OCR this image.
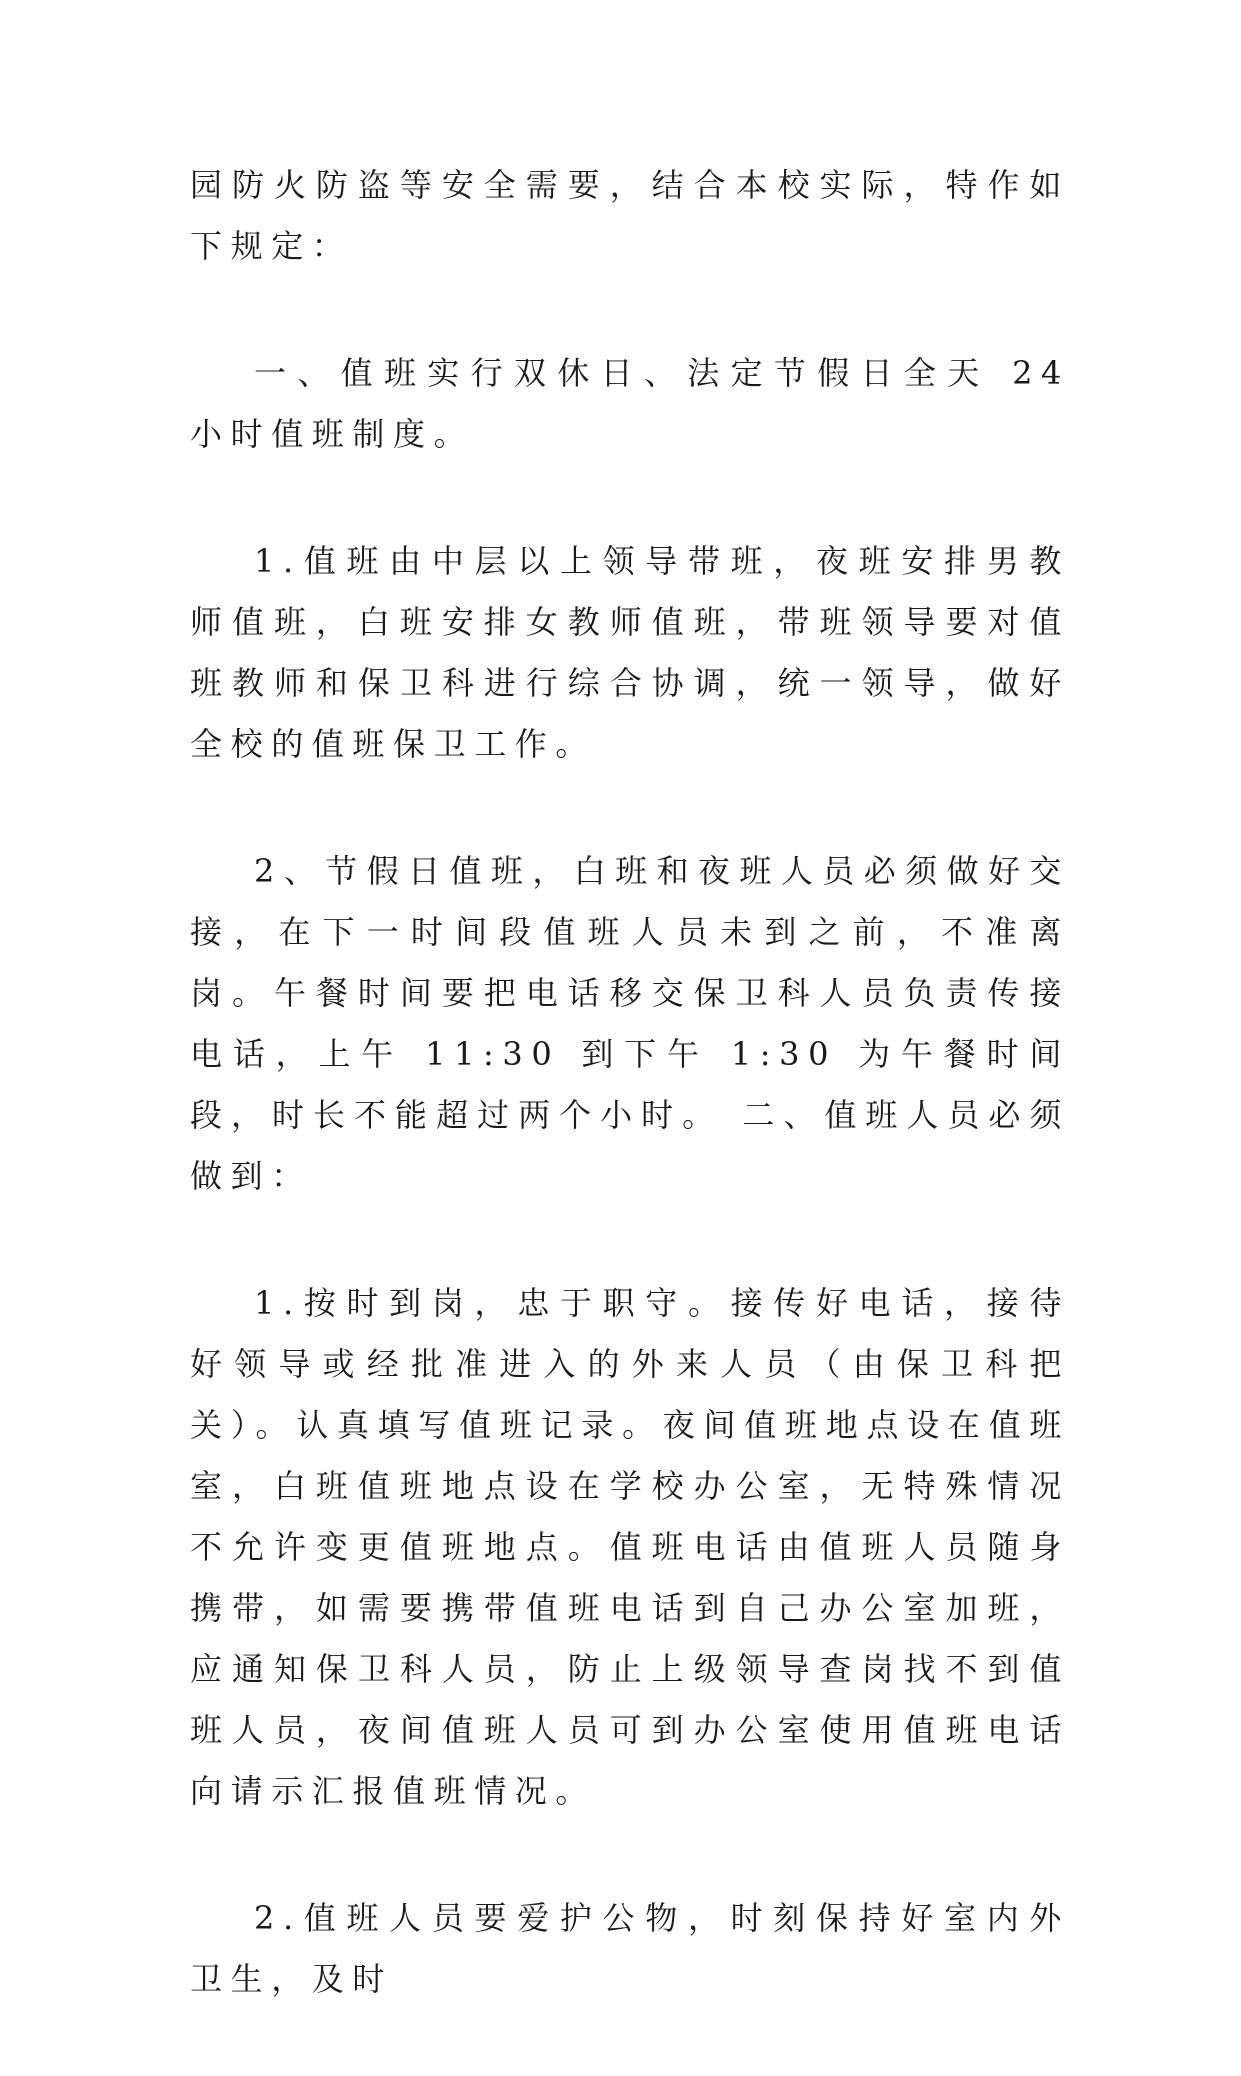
园防火防盗等安全需要，结合本校实际，特作如下规定：

一、值班实行双休日、法定节假日全天 24 小时值班制度。

1.值班由中层以上领导带班，夜班安排男教师值班，白班安排女教师值班，带班领导要对值班教师和保卫科进行综合协调，统一领导，做好全校的值班保卫工作。

2、节假日值班，白班和夜班人员必须做好交接，在下一时间段值班人员未到之前，不准离岗。午餐时间要把电话移交保卫科人员负责传接电话，上午 11:30 到下午 1:30 为午餐时间段，时长不能超过两个小时。 二、值班人员必须做到：

1.按时到岗，忠于职守。接传好电话，接待好领导或经批准进入的外来人员（由保卫科把关）。认真填写值班记录。夜间值班地点设在值班室，白班值班地点设在学校办公室，无特殊情况不允许变更值班地点。值班电话由值班人员随身携带，如需要携带值班电话到自己办公室加班，应通知保卫科人员，防止上级领导查岗找不到值班人员，夜间值班人员可到办公室使用值班电话向请示汇报值班情况。

2.值班人员要爱护公物，时刻保持好室内外卫生，及时
